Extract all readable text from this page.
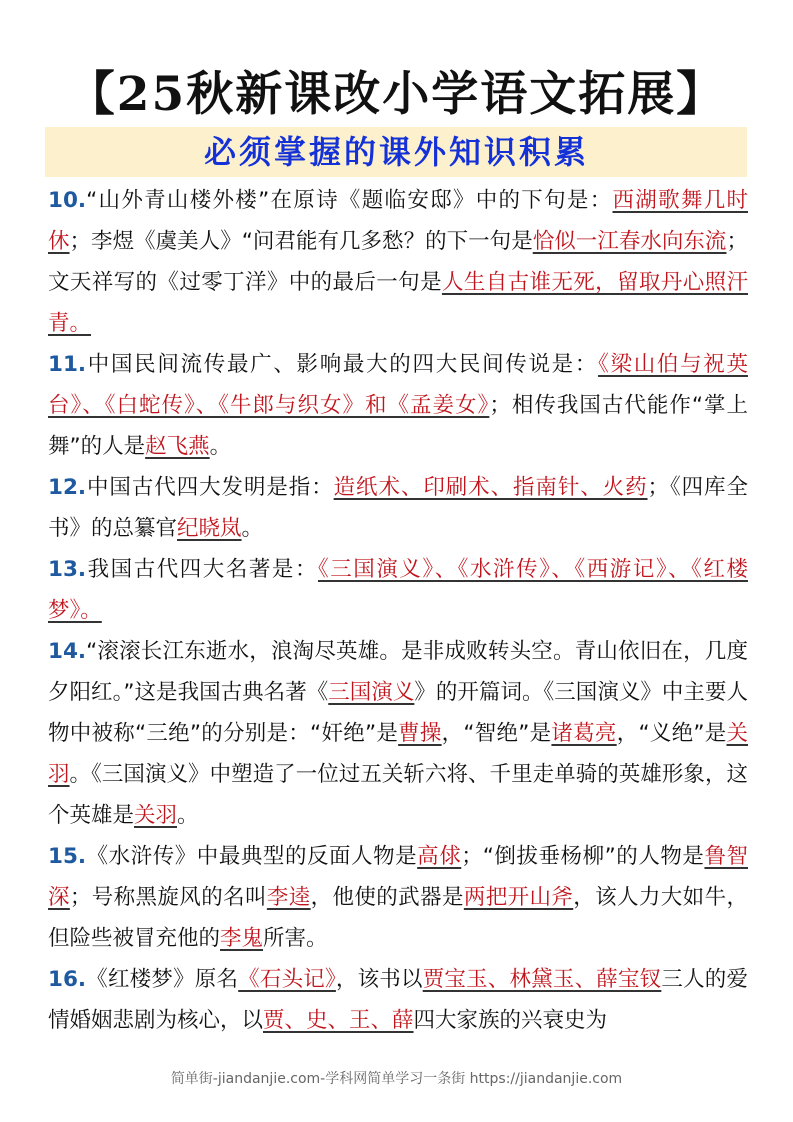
【25秋新课改小学语文拓展】
必须掌握的课外知识积累

10.“山外青山楼外楼”在原诗《题临安邸》中的下句是：西湖歌舞几时休；李煜《虞美人》“问君能有几多愁？的下一句是恰似一江春水向东流；文天祥写的《过零丁洋》中的最后一句是人生自古谁无死，留取丹心照汗青。

11.中国民间流传最广、影响最大的四大民间传说是：《梁山伯与祝英台》、《白蛇传》、《牛郎与织女》和《孟姜女》；相传我国古代能作“掌上舞”的人是赵飞燕。

12.中国古代四大发明是指：造纸术、印刷术、指南针、火药；《四库全书》的总纂官纪晓岚。

13.我国古代四大名著是：《三国演义》、《水浒传》、《西游记》、《红楼梦》。

14.“滚滚长江东逝水，浪淘尽英雄。是非成败转头空。青山依旧在，几度夕阳红。”这是我国古典名著《三国演义》的开篇词。《三国演义》中主要人物中被称“三绝”的分别是：“奸绝”是曹操，“智绝”是诸葛亮，“义绝”是关羽。《三国演义》中塑造了一位过五关斩六将、千里走单骑的英雄形象，这个英雄是关羽。

15.《水浒传》中最典型的反面人物是高俅；“倒拔垂杨柳”的人物是鲁智深；号称黑旋风的名叫李逵，他使的武器是两把开山斧，该人力大如牛，但险些被冒充他的李鬼所害。

16.《红楼梦》原名《石头记》，该书以贾宝玉、林黛玉、薛宝钗三人的爱情婚姻悲剧为核心，以贾、史、王、薛四大家族的兴衰史为

简单街-jiandanjie.com-学科网简单学习一条街 https://jiandanjie.com
